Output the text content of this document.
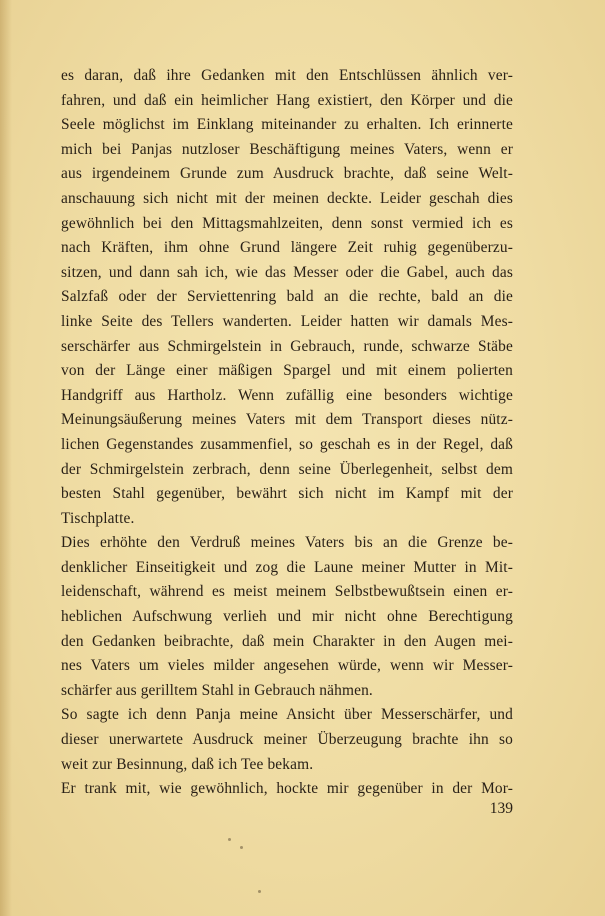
es daran, daß ihre Gedanken mit den Entschlüssen ähnlich ver-
fahren, und daß ein heimlicher Hang existiert, den Körper und die
Seele möglichst im Einklang miteinander zu erhalten. Ich erinnerte
mich bei Panjas nutzloser Beschäftigung meines Vaters, wenn er
aus irgendeinem Grunde zum Ausdruck brachte, daß seine Welt-
anschauung sich nicht mit der meinen deckte. Leider geschah dies
gewöhnlich bei den Mittagsmahlzeiten, denn sonst vermied ich es
nach Kräften, ihm ohne Grund längere Zeit ruhig gegenüberzu-
sitzen, und dann sah ich, wie das Messer oder die Gabel, auch das
Salzfaß oder der Serviettenring bald an die rechte, bald an die
linke Seite des Tellers wanderten. Leider hatten wir damals Mes-
serschärfer aus Schmirgelstein in Gebrauch, runde, schwarze Stäbe
von der Länge einer mäßigen Spargel und mit einem polierten
Handgriff aus Hartholz. Wenn zufällig eine besonders wichtige
Meinungsäußerung meines Vaters mit dem Transport dieses nütz-
lichen Gegenstandes zusammenfiel, so geschah es in der Regel, daß
der Schmirgelstein zerbrach, denn seine Überlegenheit, selbst dem
besten Stahl gegenüber, bewährt sich nicht im Kampf mit der
Tischplatte.
Dies erhöhte den Verdruß meines Vaters bis an die Grenze be-
denklicher Einseitigkeit und zog die Laune meiner Mutter in Mit-
leidenschaft, während es meist meinem Selbstbewußtsein einen er-
heblichen Aufschwung verlieh und mir nicht ohne Berechtigung
den Gedanken beibrachte, daß mein Charakter in den Augen mei-
nes Vaters um vieles milder angesehen würde, wenn wir Messer-
schärfer aus gerilltem Stahl in Gebrauch nähmen.
So sagte ich denn Panja meine Ansicht über Messerschärfer, und
dieser unerwartete Ausdruck meiner Überzeugung brachte ihn so
weit zur Besinnung, daß ich Tee bekam.
Er trank mit, wie gewöhnlich, hockte mir gegenüber in der Mor-
139
